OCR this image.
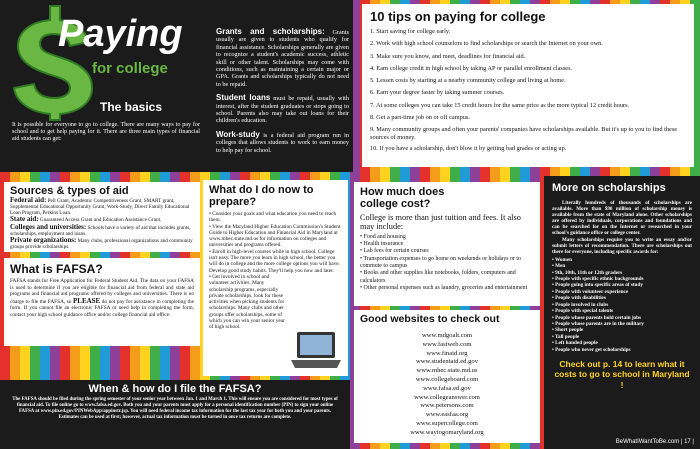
Paying
for college
The basics
It is possible for everyone to go to college. There are many ways to pay for school and to get help paying for it. There are three main types of financial aid students can get:

Grants and scholarships: Grants usually are given to students who qualify for financial assistance. Scholarships generally are given to recognize a student's academic success, athletic skill or other talent. Scholarships may come with conditions, such as maintaining a certain major or GPA. Grants and scholarships typically do not need to be repaid.

Student loans must be repaid, usually with interest, after the student graduates or stops going to school. Parents also may take out loans for their children's education.

Work-study is a federal aid program run in colleges that allows students to work to earn money to help pay for school.

10 tips on paying for college
1. Start saving for college early.
2. Work with high school counselors to find scholarships or search the Internet on your own.
3. Make sure you know, and meet, deadlines for financial aid.
4. Earn college credit in high school by taking AP or parallel enrollment classes.
5. Lessen costs by starting at a nearby community college and living at home.
6. Earn your degree faster by taking summer courses.
7. At some colleges you can take 15 credit hours for the same price as the more typical 12 credit hours.
8. Get a part-time job on or off campus.
9. Many community groups and often your parents' companies have scholarships available. But it's up to you to find these sources of money.
10. If you have a scholarship, don't blow it by getting bad grades or acting up.
Sources & types of aid

Federal aid: Pell Grant, Academic Competitiveness Grant, SMART grant, Supplemental Educational Opportunity Grant, Work-Study, Direct Family Educational Loan Program, Perkins Loan.

State aid: Guaranteed Access Grant and Education Assistance Grant.

Colleges and universities: Schools have a variety of aid that includes grants, scholarships, employment and loans.

Private organizations: Many clubs, professional organizations and community groups provide scholarships.

What is FAFSA?

FAFSA stands for Free Application for Federal Student Aid. The data on your FAFSA is used to determine if you are eligible for financial aid from federal and state aid programs and financial aid programs offered by colleges and universities. There is no charge to file the FAFSA, so PLEASE do not pay for assistance in completing the form. If you cannot file an electronic FAFSA or need help in completing the form, contact your high school guidance office and/or college financial aid office.

What do I do now to prepare?
• Consider your goals and what education you need to reach them.
• View the Maryland Higher Education Commission's Student Guide to Higher Education and Financial Aid in Maryland at www.mhec.state.md.us for information on colleges and universities and programs offered.
• Enroll in high-level courses while in high school. College isn't easy. The more you learn in high school, the better you will do in college and the more college options you will have. Develop good study habits. They'll help you now and later.
• Get involved in school and volunteer activities. Many scholarship programs, especially private scholarships, look for these activities when picking students for scholarships. Many clubs and other groups offer scholarships, some of which you can win your senior year of high school.
How much does college cost?

College is more than just tuition and fees. It also may include:

• Food and housing
• Health insurance
• Lab fees for certain courses
• Transportation expenses to go home on weekends or holidays or to commute to campus
• Books and other supplies like notebooks, folders, computers and calculators
• Other personal expenses such as laundry, groceries and entertainment
Good websites to check out
www.mdgoalt.com
www.fastweb.com
www.finaid.org
www.studentaid.ed.gov
www.mhec.state.md.us
www.collegeboard.com
www.fafsa.ed.gov
www.collegeanswer.com
www.petersons.com
www.easfaa.org
www.supercollege.com
www.waytogomaryland.org
More on scholarships

Literally hundreds of thousands of scholarships are available. More than $90 million of scholarship money is available from the state of Maryland alone. Other scholarships are offered by individuals, corporations and foundations and can be searched for on the Internet or researched in your school's guidance office or college center.

Many scholarships require you to write an essay and/or submit letters of recommendation. There are scholarships out there for everyone, including specific awards for:

• Women
• Men
• 9th, 10th, 11th or 12th graders
• People with specific ethnic backgrounds
• People going into specific areas of study
• People with volunteer experience
• People with disabilities
• People involved in clubs
• People with special talents
• People whose parents hold certain jobs
• People whose parents are in the military
• Short people
• Tall people
• Left handed people
• People who never get scholarships
Check out p. 14 to learn what it costs to go to school in Maryland !
When & how do I file the FAFSA?

The FAFSA should be filed during the spring semester of your senior year between Jan. 1 and March 1. This will ensure you are considered for most types of financial aid. To file online go to www.fafsa.ed.gov. Both you and your parents must apply for a personal identification number (PIN) to sign your online FAFSA at www.pin.ed.gov/PINWebApp/appinstr.jsp. You will need federal income tax information for the last tax year for both you and your parents. Estimates can be used at first; however, actual tax information must be turned in once tax returns are complete.

BeWhatIWantToBe.com | 17 |
